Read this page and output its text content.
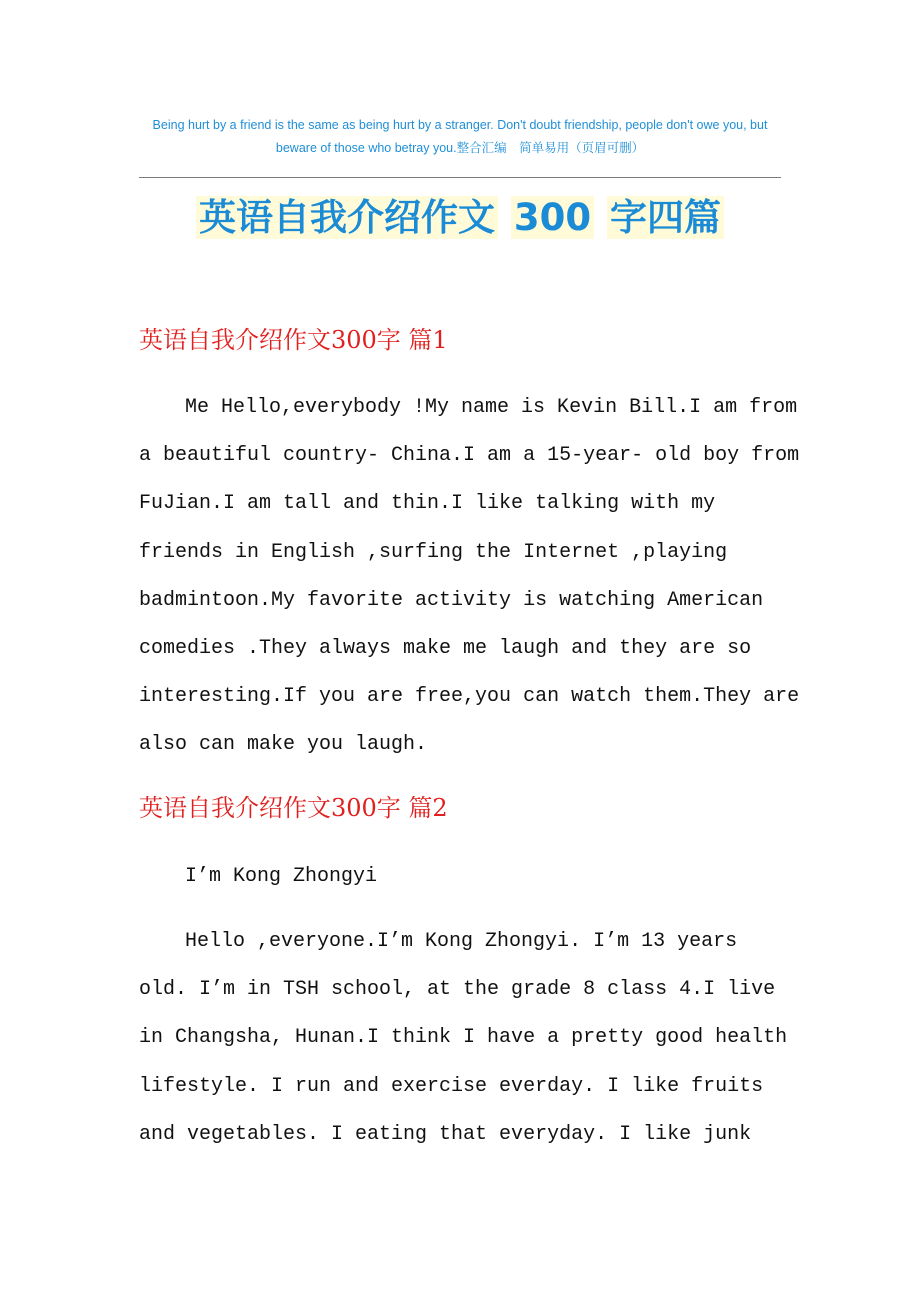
Being hurt by a friend is the same as being hurt by a stranger. Don't doubt friendship, people don't owe you, but
beware of those who betray you.整合汇编　简单易用（页眉可删）
英语自我介绍作文 300 字四篇
英语自我介绍作文300字 篇1
Me Hello,everybody !My name is Kevin Bill.I am from
a beautiful country- China.I am a 15-year- old boy from
FuJian.I am tall and thin.I like talking with my
friends in English ,surfing the Internet ,playing
badmintoon.My favorite activity is watching American
comedies .They always make me laugh and they are so
interesting.If you are free,you can watch them.They are
also can make you laugh.
英语自我介绍作文300字 篇2
I’m Kong Zhongyi
Hello ,everyone.I’m Kong Zhongyi. I’m 13 years
old. I’m in TSH school, at the grade 8 class 4.I live
in Changsha, Hunan.I think I have a pretty good health
lifestyle. I run and exercise everday. I like fruits
and vegetables. I eating that everyday. I like junk
